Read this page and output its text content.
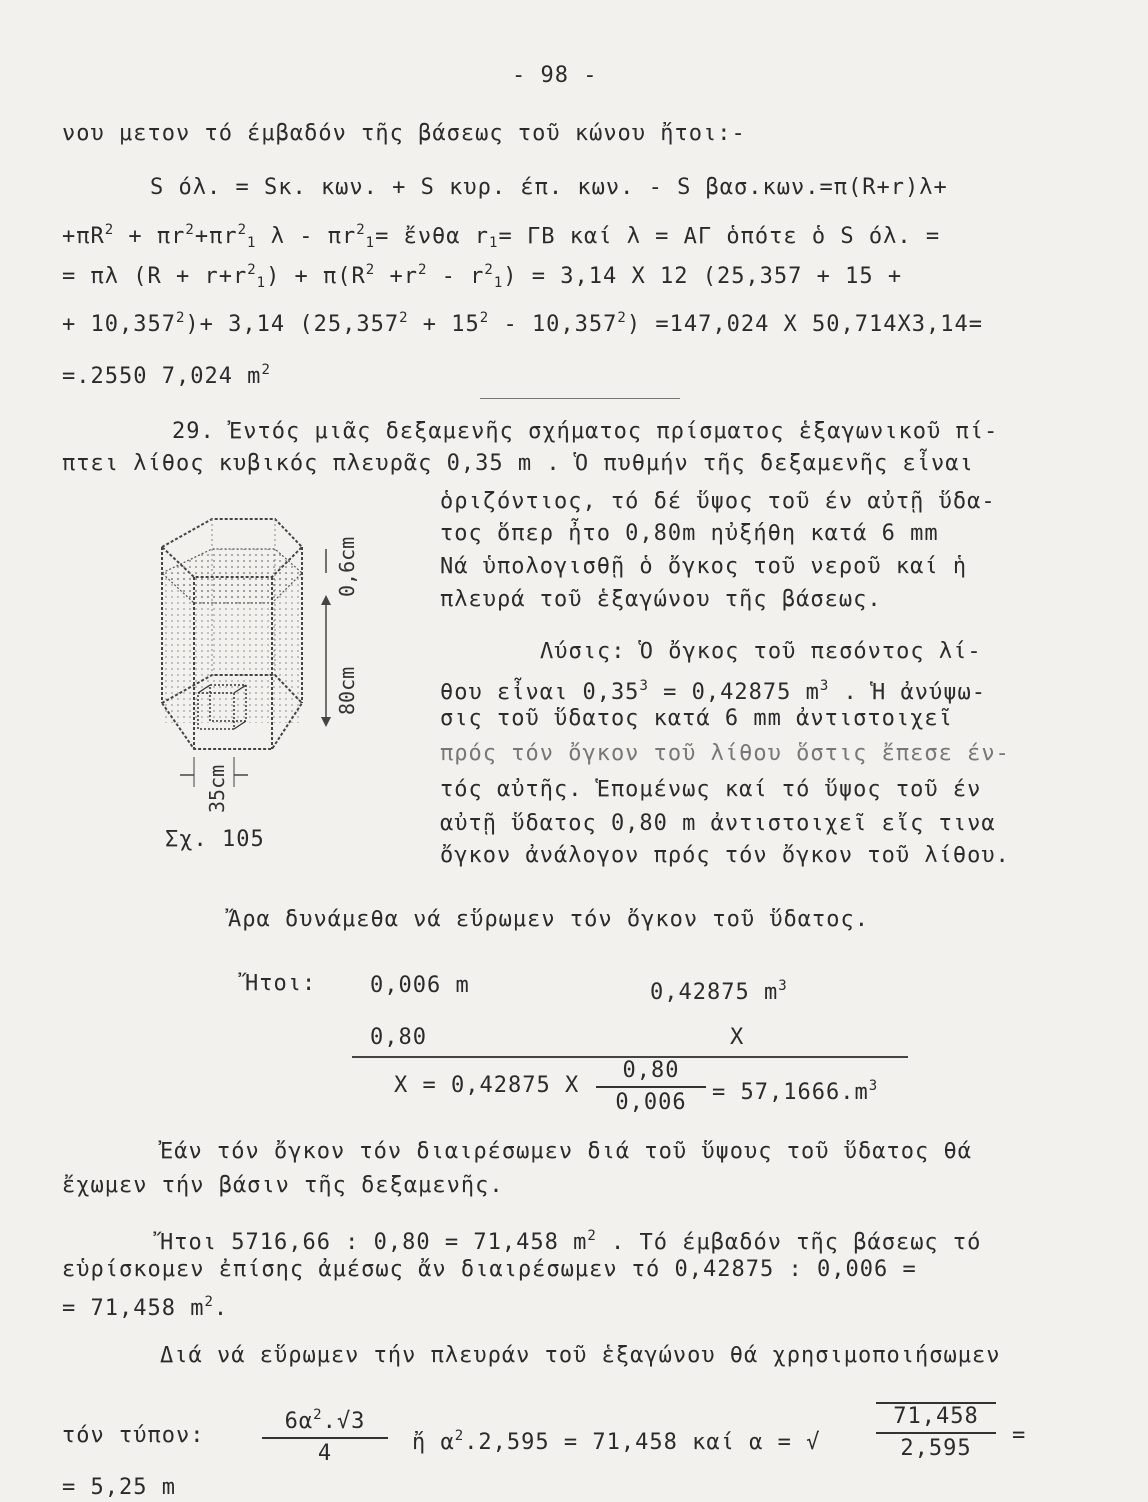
- 98 -
νου μετον τό έμβαδόν τῆς βάσεως τοῦ κώνου ἤτοι:-
S όλ. = Sκ. κων. + S κυρ. έπ. κων. - S βασ.κων.=π(R+r)λ+
$+\pi R^2 + \pi r^2+\pi r^2_1$ $\lambda - \pi r^2_1=$ ἔνθα $r_1= \Gamma B$ καί λ = ΑΓ ὁπότε ὁ S όλ. =
= πλ $(R + r+r^2_1) + \pi(R^2 +r^2 - r^2_1) = 3,14$ X 12 (25,357 + 15 +
+ $10,357^2)+ 3,14$ $(25,357^2 + 15^2 - 10,357^2) =147,024$ X 50,714X3,14=
=.2550 7,024 $m^2$
29. Ἐντός μιᾶς δεξαμενῆς σχήματος πρίσματος ἑξαγωνικοῦ πί-
πτει λίθος κυβικός πλευρᾶς 0,35 m . Ὁ πυθμήν τῆς δεξαμενῆς εἶναι
ὁριζόντιος, τό δέ ὕψος τοῦ έν αὐτῇ ὕδα-
τος ὅπερ ἦτο 0,80m ηὐξήθη κατά 6 mm
Νά ὑπολογισθῇ ὁ ὄγκος τοῦ νεροῦ καί ἡ
πλευρά τοῦ ἑξαγώνου τῆς βάσεως.
Λύσις: Ὁ ὄγκος τοῦ πεσόντος λί-
θου εἶναι $0,35^3 = 0,42875$ $m^3$ . Ἡ ἀνύψω-
σις τοῦ ὕδατος κατά 6 mm ἀντιστοιχεῖ
πρός τόν ὄγκον τοῦ λίθου ὅστις ἔπεσε έν-
τός αὐτῆς. Ἑπομένως καί τό ὕψος τοῦ έν
αὐτῇ ὕδατος 0,80 m ἀντιστοιχεῖ εἴς τινα
ὄγκον ἀνάλογον πρός τόν ὄγκον τοῦ λίθου.
0,6cm
80cm
35cm
Σχ. 105
Ἄρα δυνάμεθα νά εὕρωμεν τόν ὄγκον τοῦ ὕδατος.
Ἤτοι: 0,006 m	0,42875 $m^3$
0,80	X
X = 0,42875 X
0,80
0,006	= $57,1666.m^3$
Ἐάν τόν ὄγκον τόν διαιρέσωμεν διά τοῦ ὕψους τοῦ ὕδατος θά
ἔχωμεν τήν βάσιν τῆς δεξαμενῆς.
Ἤτοι 5716,66 : 0,80 = 71,458 $m^2$ . Τό έμβαδόν τῆς βάσεως τό
εὑρίσκομεν ἐπίσης ἀμέσως ἄν διαιρέσωμεν τό 0,42875 : 0,006 =
= 71,458 $m^2$.
Διά νά εὕρωμεν τήν πλευράν τοῦ ἑξαγώνου θά χρησιμοποιήσωμεν
τόν τύπον:
$6\alpha^2.√3$
4	ἤ $\alpha^2.2,595 = 71,458$ καί α = √
71,458
2,595
=
= 5,25 m
